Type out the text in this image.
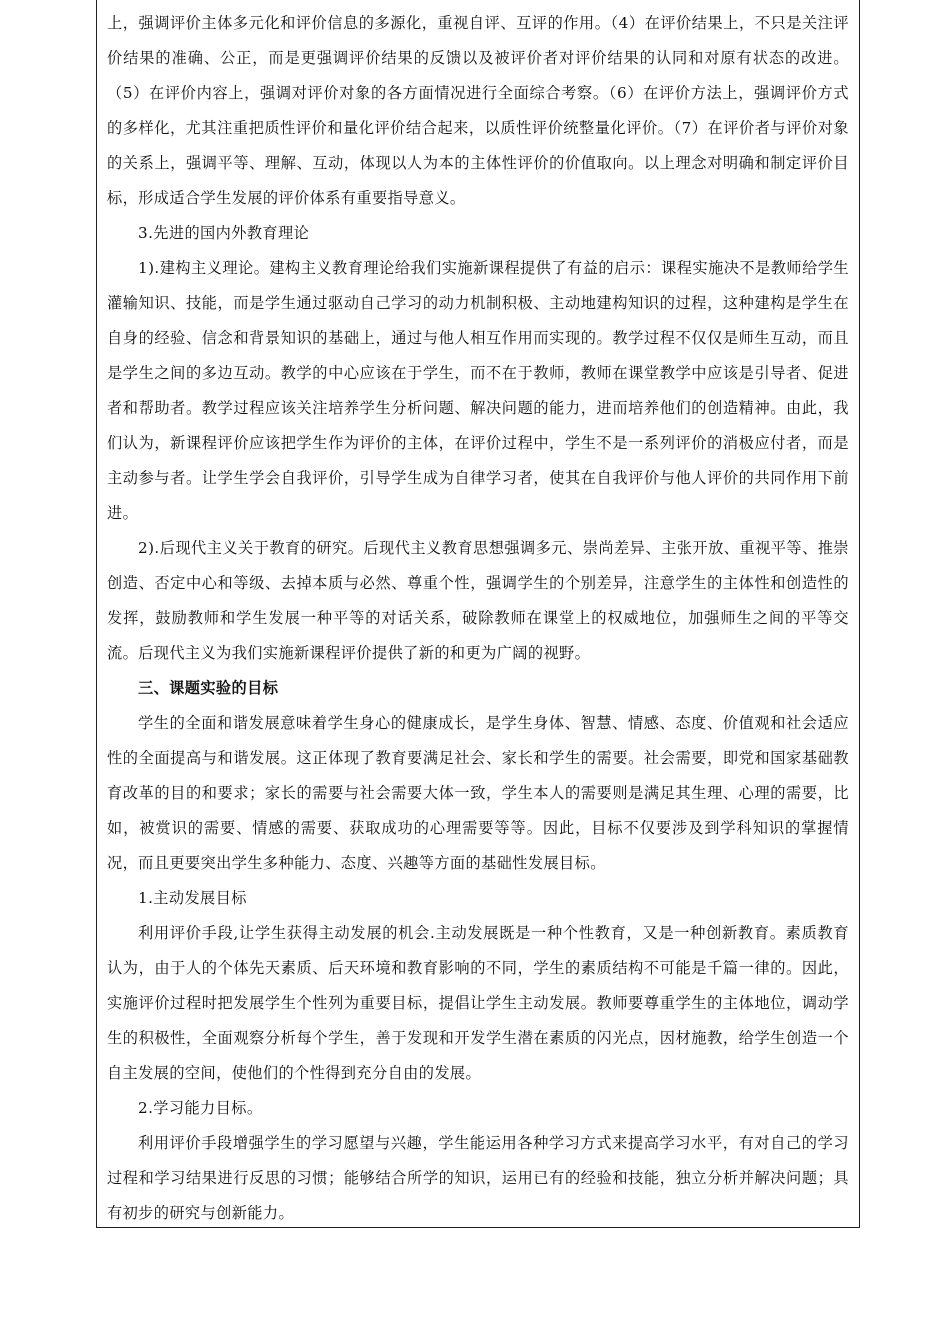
上，强调评价主体多元化和评价信息的多源化，重视自评、互评的作用。（4）在评价结果上，不只是关注评价结果的准确、公正，而是更强调评价结果的反馈以及被评价者对评价结果的认同和对原有状态的改进。（5）在评价内容上，强调对评价对象的各方面情况进行全面综合考察。（6）在评价方法上，强调评价方式的多样化，尤其注重把质性评价和量化评价结合起来，以质性评价统整量化评价。（7）在评价者与评价对象的关系上，强调平等、理解、互动，体现以人为本的主体性评价的价值取向。以上理念对明确和制定评价目标，形成适合学生发展的评价体系有重要指导意义。

3.先进的国内外教育理论

1).建构主义理论。建构主义教育理论给我们实施新课程提供了有益的启示：课程实施决不是教师给学生灌输知识、技能，而是学生通过驱动自己学习的动力机制积极、主动地建构知识的过程，这种建构是学生在自身的经验、信念和背景知识的基础上，通过与他人相互作用而实现的。教学过程不仅仅是师生互动，而且是学生之间的多边互动。教学的中心应该在于学生，而不在于教师，教师在课堂教学中应该是引导者、促进者和帮助者。教学过程应该关注培养学生分析问题、解决问题的能力，进而培养他们的创造精神。由此，我们认为，新课程评价应该把学生作为评价的主体，在评价过程中，学生不是一系列评价的消极应付者，而是主动参与者。让学生学会自我评价，引导学生成为自律学习者，使其在自我评价与他人评价的共同作用下前进。

2).后现代主义关于教育的研究。后现代主义教育思想强调多元、崇尚差异、主张开放、重视平等、推崇创造、否定中心和等级、去掉本质与必然、尊重个性，强调学生的个别差异，注意学生的主体性和创造性的发挥，鼓励教师和学生发展一种平等的对话关系，破除教师在课堂上的权威地位，加强师生之间的平等交流。后现代主义为我们实施新课程评价提供了新的和更为广阔的视野。

三、课题实验的目标

学生的全面和谐发展意味着学生身心的健康成长，是学生身体、智慧、情感、态度、价值观和社会适应性的全面提高与和谐发展。这正体现了教育要满足社会、家长和学生的需要。社会需要，即党和国家基础教育改革的目的和要求；家长的需要与社会需要大体一致，学生本人的需要则是满足其生理、心理的需要，比如，被赏识的需要、情感的需要、获取成功的心理需要等等。因此，目标不仅要涉及到学科知识的掌握情况，而且更要突出学生多种能力、态度、兴趣等方面的基础性发展目标。

1.主动发展目标

利用评价手段,让学生获得主动发展的机会.主动发展既是一种个性教育，又是一种创新教育。素质教育认为，由于人的个体先天素质、后天环境和教育影响的不同，学生的素质结构不可能是千篇一律的。因此，实施评价过程时把发展学生个性列为重要目标，提倡让学生主动发展。教师要尊重学生的主体地位，调动学生的积极性，全面观察分析每个学生，善于发现和开发学生潜在素质的闪光点，因材施教，给学生创造一个自主发展的空间，使他们的个性得到充分自由的发展。

2.学习能力目标。

利用评价手段增强学生的学习愿望与兴趣，学生能运用各种学习方式来提高学习水平，有对自己的学习过程和学习结果进行反思的习惯；能够结合所学的知识，运用已有的经验和技能，独立分析并解决问题；具有初步的研究与创新能力。
